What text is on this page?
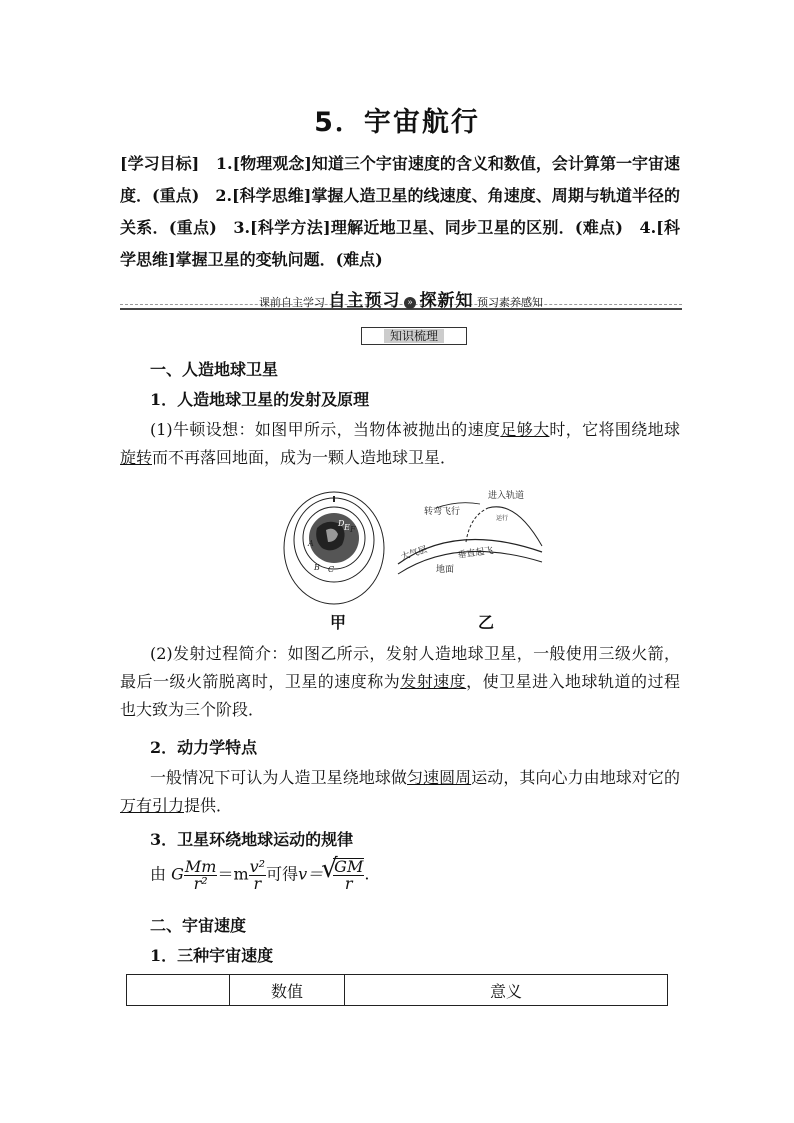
5．宇宙航行
[学习目标] 1.[物理观念]知道三个宇宙速度的含义和数值，会计算第一宇宙速度．(重点)　2.[科学思维]掌握人造卫星的线速度、角速度、周期与轨道半径的关系．(重点)　3.[科学方法]理解近地卫星、同步卫星的区别．(难点)　4.[科学思维]掌握卫星的变轨问题．(难点)
课前自主学习 自主预习 » 探新知 预习素养感知
知识梳理
一、人造地球卫星
1．人造地球卫星的发射及原理
(1)牛顿设想：如图甲所示，当物体被抛出的速度足够大时，它将围绕地球旋转而不再落回地面，成为一颗人造地球卫星．
A
B C
D E F
甲
进入轨道
转弯飞行
运行
大气层	垂直起飞
地面
乙
(2)发射过程简介：如图乙所示，发射人造地球卫星，一般使用三级火箭，最后一级火箭脱离时，卫星的速度称为发射速度，使卫星进入地球轨道的过程也大致为三个阶段．
2．动力学特点
一般情况下可认为人造卫星绕地球做匀速圆周运动，其向心力由地球对它的万有引力提供．
3．卫星环绕地球运动的规律
由 G $\frac{Mm}{\text{r²}} =m \frac{\text{v²}}{r}$ 可得v＝
√ $\frac{GM}{r}$ .
二、宇宙速度
1．三种宇宙速度
	数值	意义
